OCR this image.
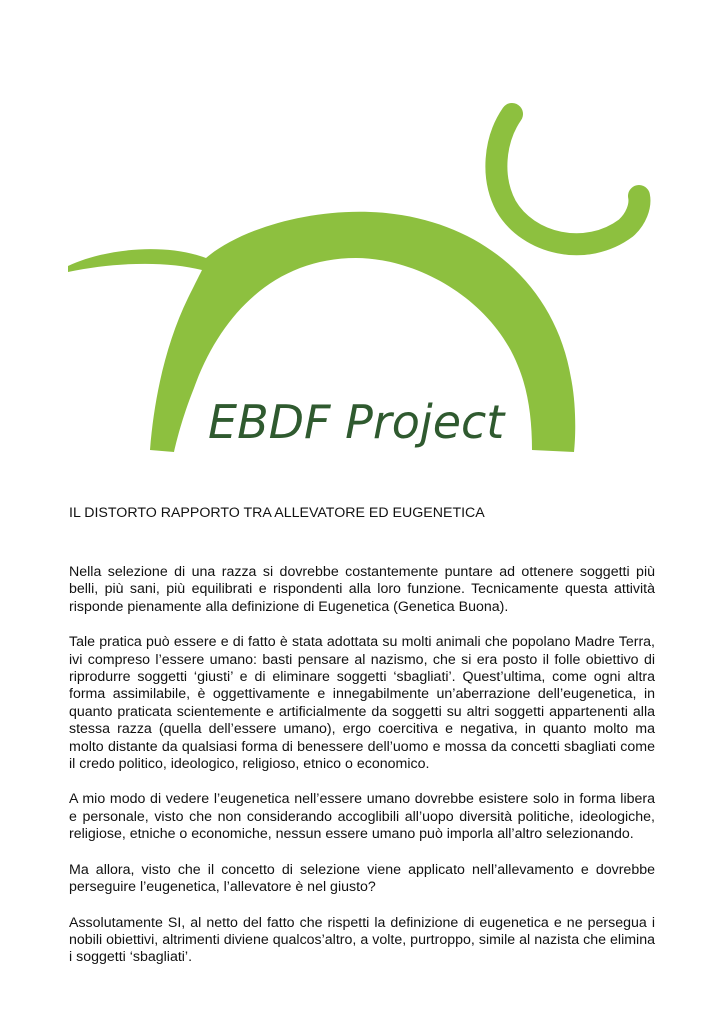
EBDF Project
IL DISTORTO RAPPORTO TRA ALLEVATORE ED EUGENETICA

Nella selezione di una razza si dovrebbe costantemente puntare ad ottenere soggetti più belli, più sani, più equilibrati e rispondenti alla loro funzione. Tecnicamente questa attività risponde pienamente alla definizione di Eugenetica (Genetica Buona).

Tale pratica può essere e di fatto è stata adottata su molti animali che popolano Madre Terra, ivi compreso l’essere umano: basti pensare al nazismo, che si era posto il folle obiettivo di riprodurre soggetti ‘giusti’ e di eliminare soggetti ‘sbagliati’. Quest’ultima, come ogni altra forma assimilabile, è oggettivamente e innegabilmente un’aberrazione dell’eugenetica, in quanto praticata scientemente e artificialmente da soggetti su altri soggetti appartenenti alla stessa razza (quella dell’essere umano), ergo coercitiva e negativa, in quanto molto ma molto distante da qualsiasi forma di benessere dell’uomo e mossa da concetti sbagliati come il credo politico, ideologico, religioso, etnico o economico.

A mio modo di vedere l’eugenetica nell’essere umano dovrebbe esistere solo in forma libera e personale, visto che non considerando accoglibili all’uopo diversità politiche, ideologiche, religiose, etniche o economiche, nessun essere umano può imporla all’altro selezionando.

Ma allora, visto che il concetto di selezione viene applicato nell’allevamento e dovrebbe perseguire l’eugenetica, l’allevatore è nel giusto?

Assolutamente SI, al netto del fatto che rispetti la definizione di eugenetica e ne persegua i nobili obiettivi, altrimenti diviene qualcos’altro, a volte, purtroppo, simile al nazista che elimina i soggetti ‘sbagliati’.
